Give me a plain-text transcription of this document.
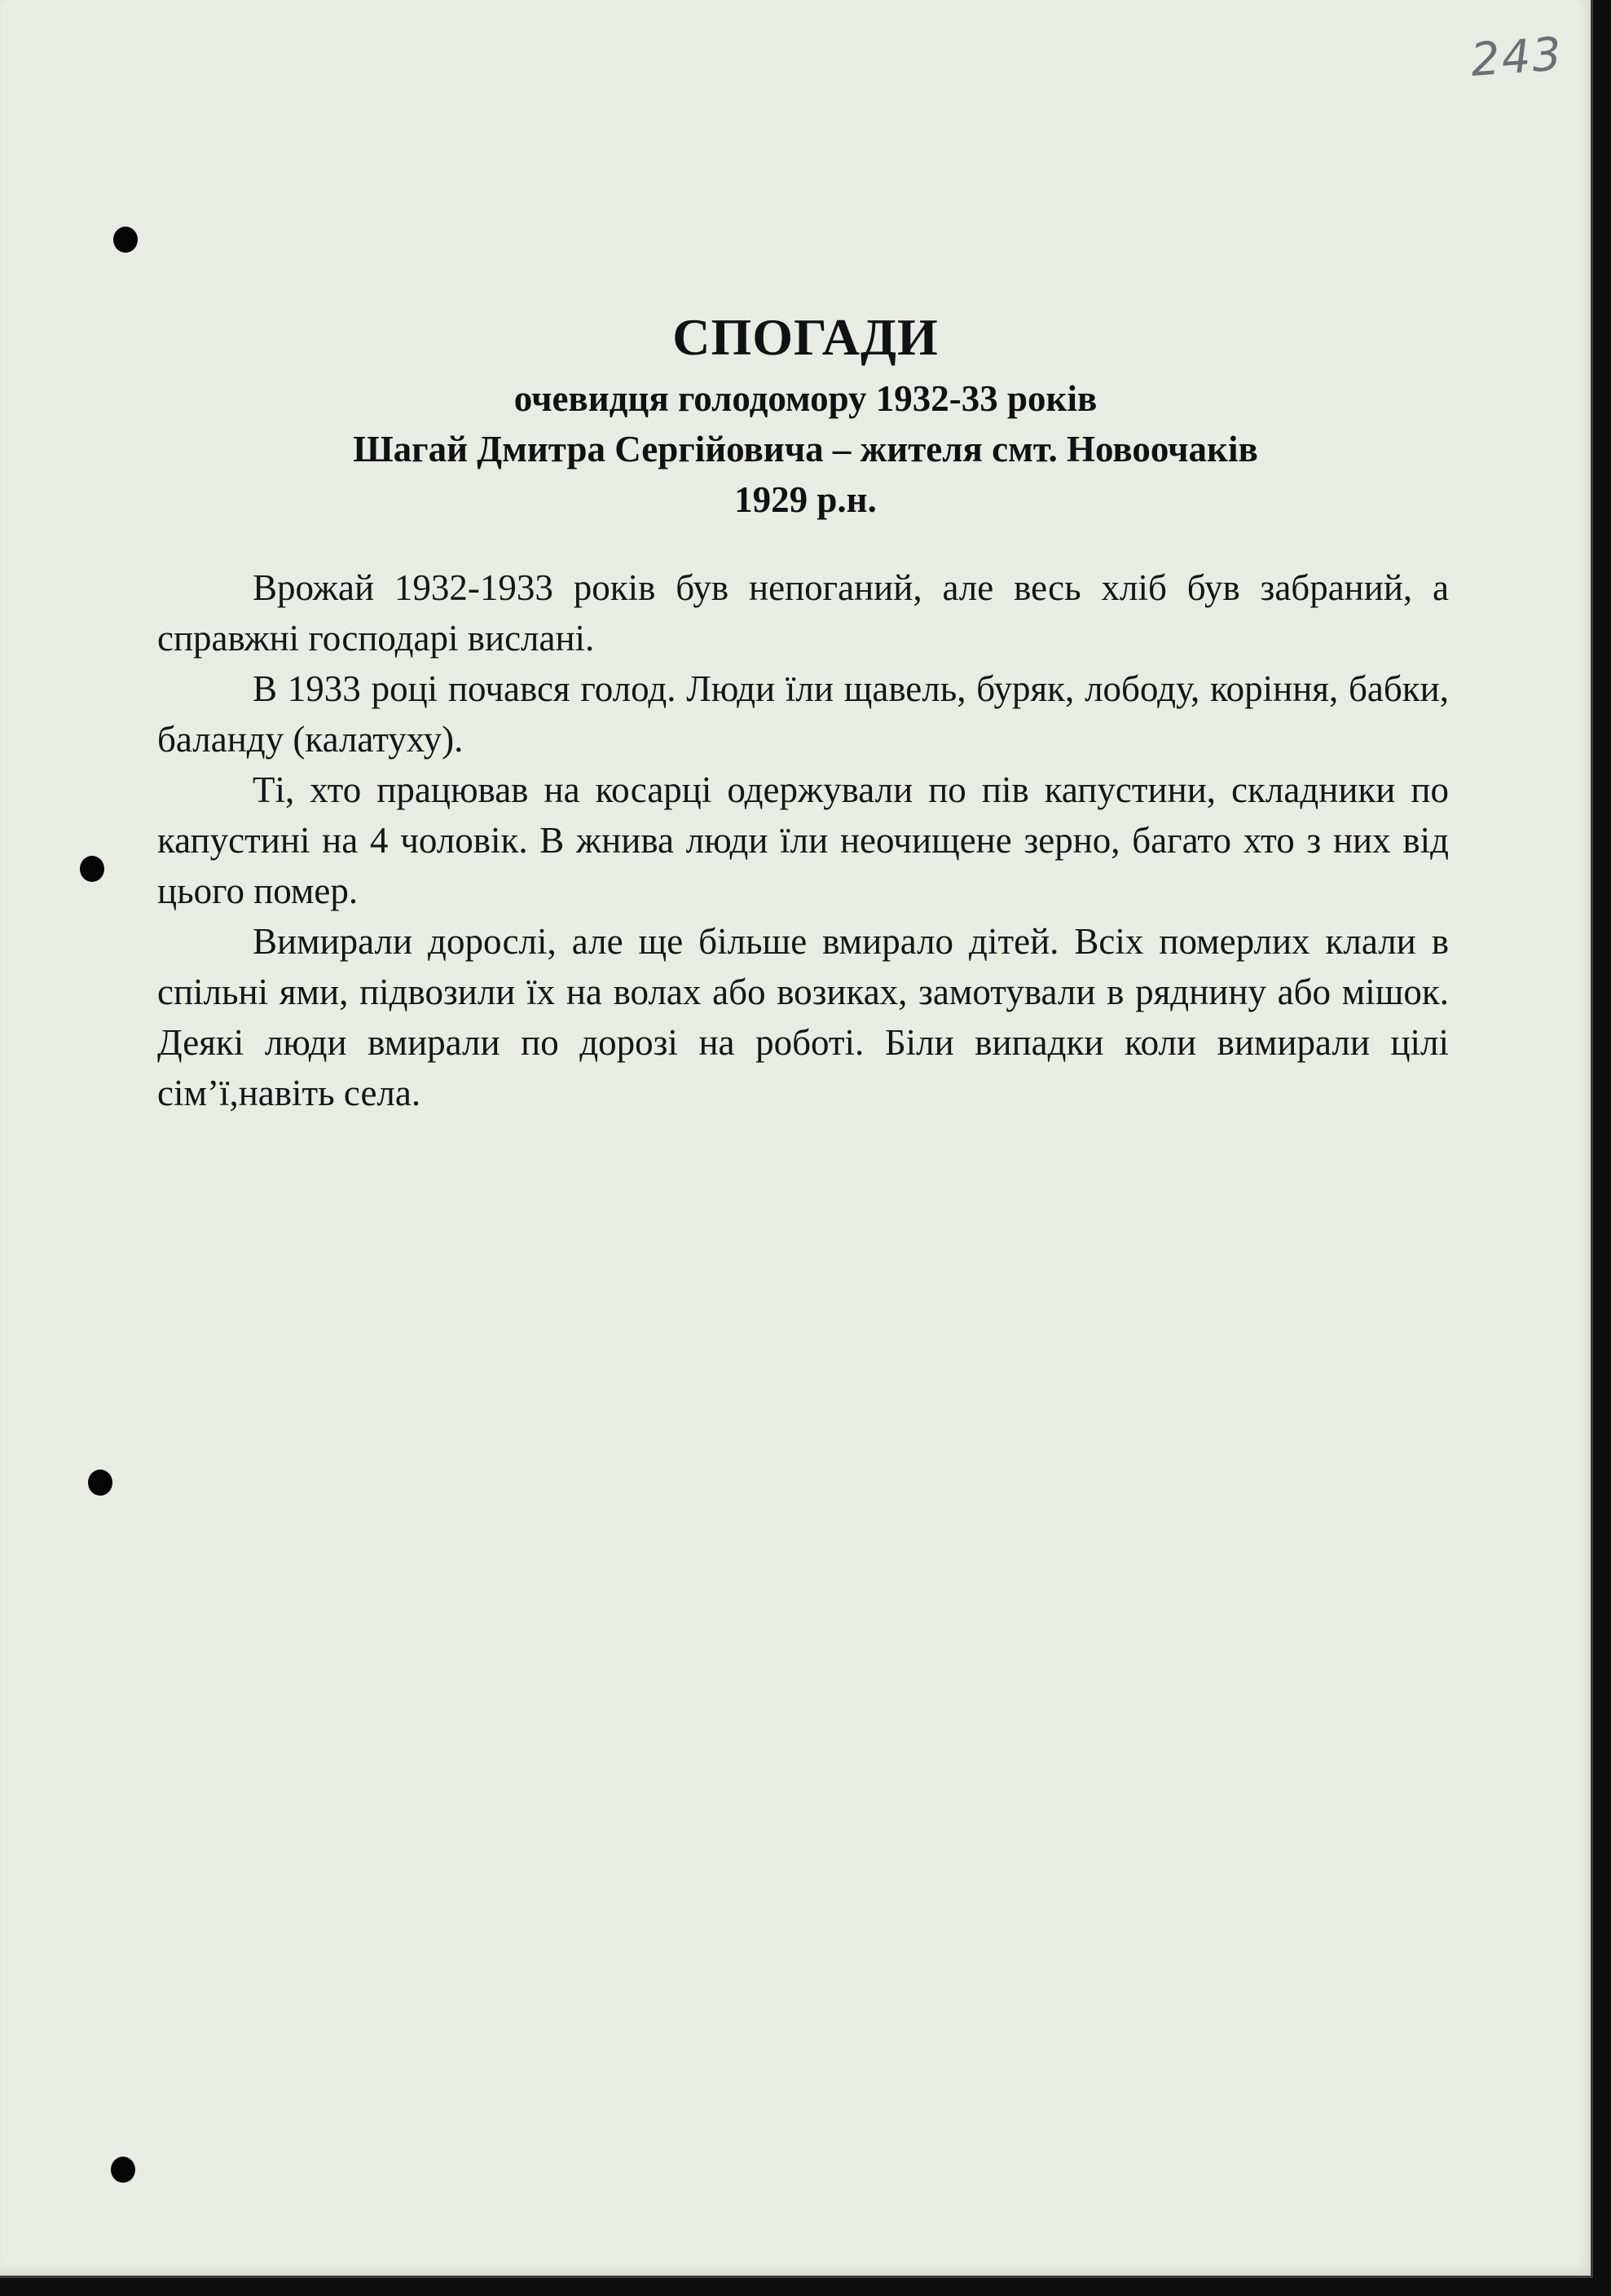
243
СПОГАДИ
очевидця голодомору 1932-33 років
Шагай Дмитра Сергійовича – жителя смт. Новоочаків
1929 р.н.

Врожай 1932-1933 років був непоганий, але весь хліб був забраний, а справжні господарі вислані.

В 1933 році почався голод. Люди їли щавель, буряк, лободу, коріння, бабки, баланду (калатуху).

Ті, хто працював на косарці одержували по пів капустини, складники по капустині на 4 чоловік. В жнива люди їли неочищене зерно, багато хто з них від цього помер.

Вимирали дорослі, але ще більше вмирало дітей. Всіх померлих клали в спільні ями, підвозили їх на волах або возиках, замотували в ряднину або мішок. Деякі люди вмирали по дорозі на роботі. Біли випадки коли вимирали цілі сім’ї,навіть села.
